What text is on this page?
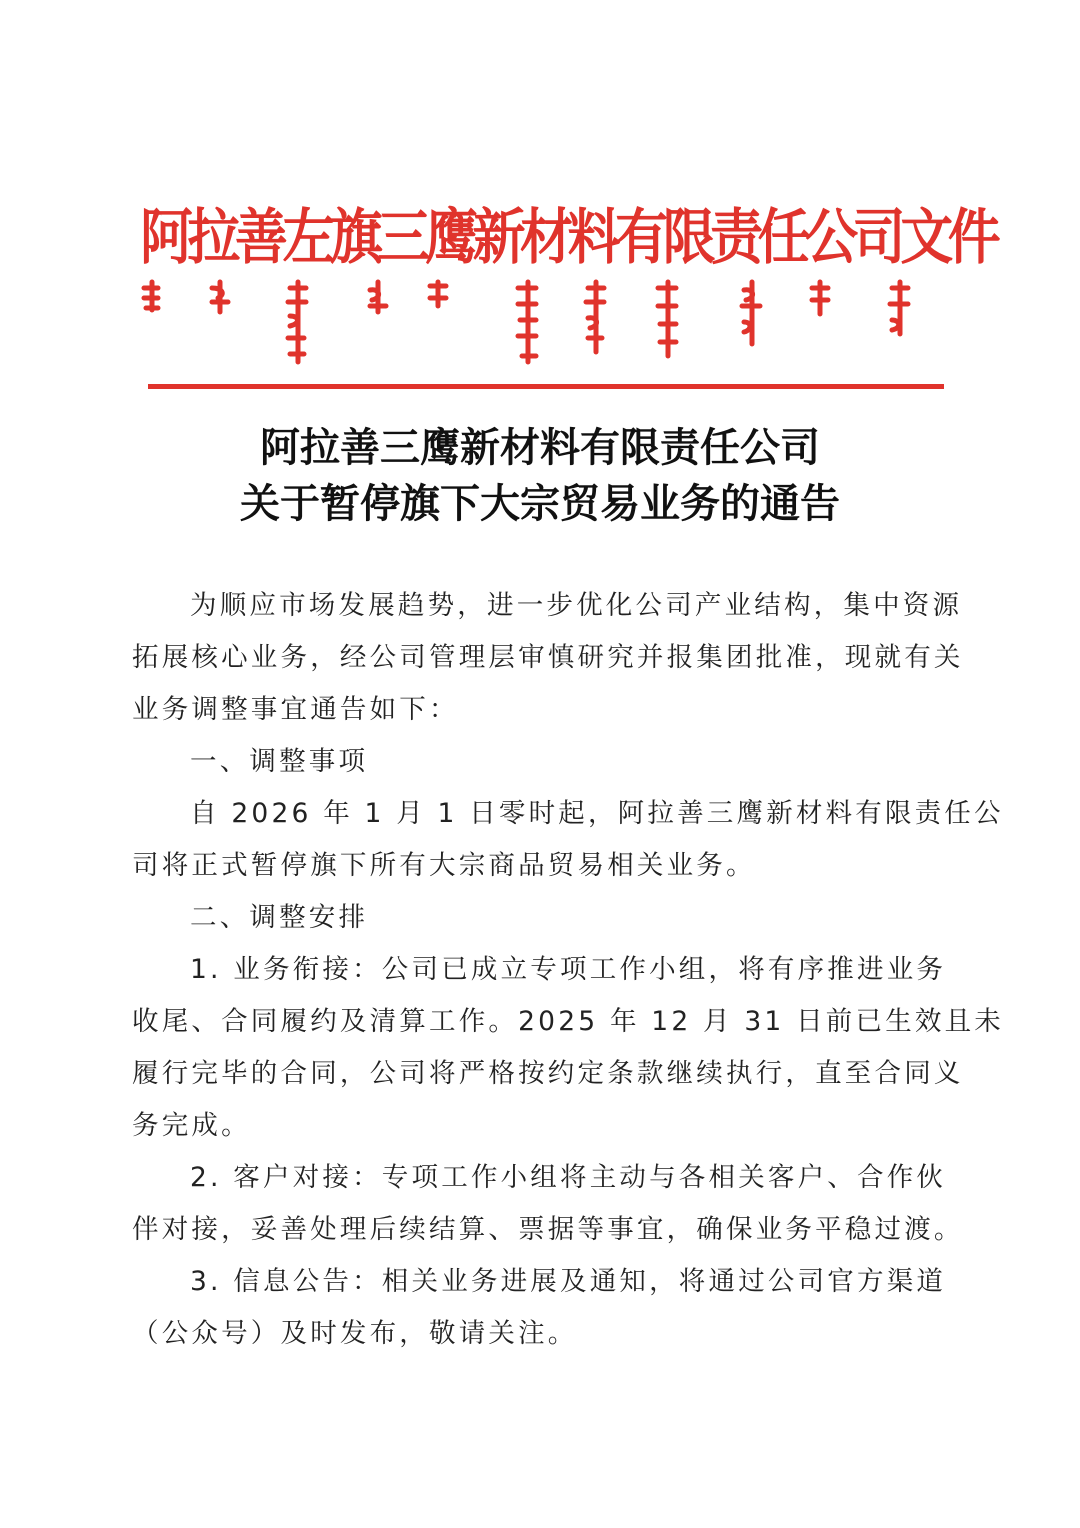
阿拉善左旗三鹰新材料有限责任公司文件
阿拉善三鹰新材料有限责任公司
关于暂停旗下大宗贸易业务的通告
为顺应市场发展趋势，进一步优化公司产业结构，集中资源
拓展核心业务，经公司管理层审慎研究并报集团批准，现就有关
业务调整事宜通告如下：
一、调整事项
自 2026 年 1 月 1 日零时起，阿拉善三鹰新材料有限责任公
司将正式暂停旗下所有大宗商品贸易相关业务。
二、调整安排
1. 业务衔接：公司已成立专项工作小组，将有序推进业务
收尾、合同履约及清算工作。2025 年 12 月 31 日前已生效且未
履行完毕的合同，公司将严格按约定条款继续执行，直至合同义
务完成。
2. 客户对接：专项工作小组将主动与各相关客户、合作伙
伴对接，妥善处理后续结算、票据等事宜，确保业务平稳过渡。
3. 信息公告：相关业务进展及通知，将通过公司官方渠道
（公众号）及时发布，敬请关注。
